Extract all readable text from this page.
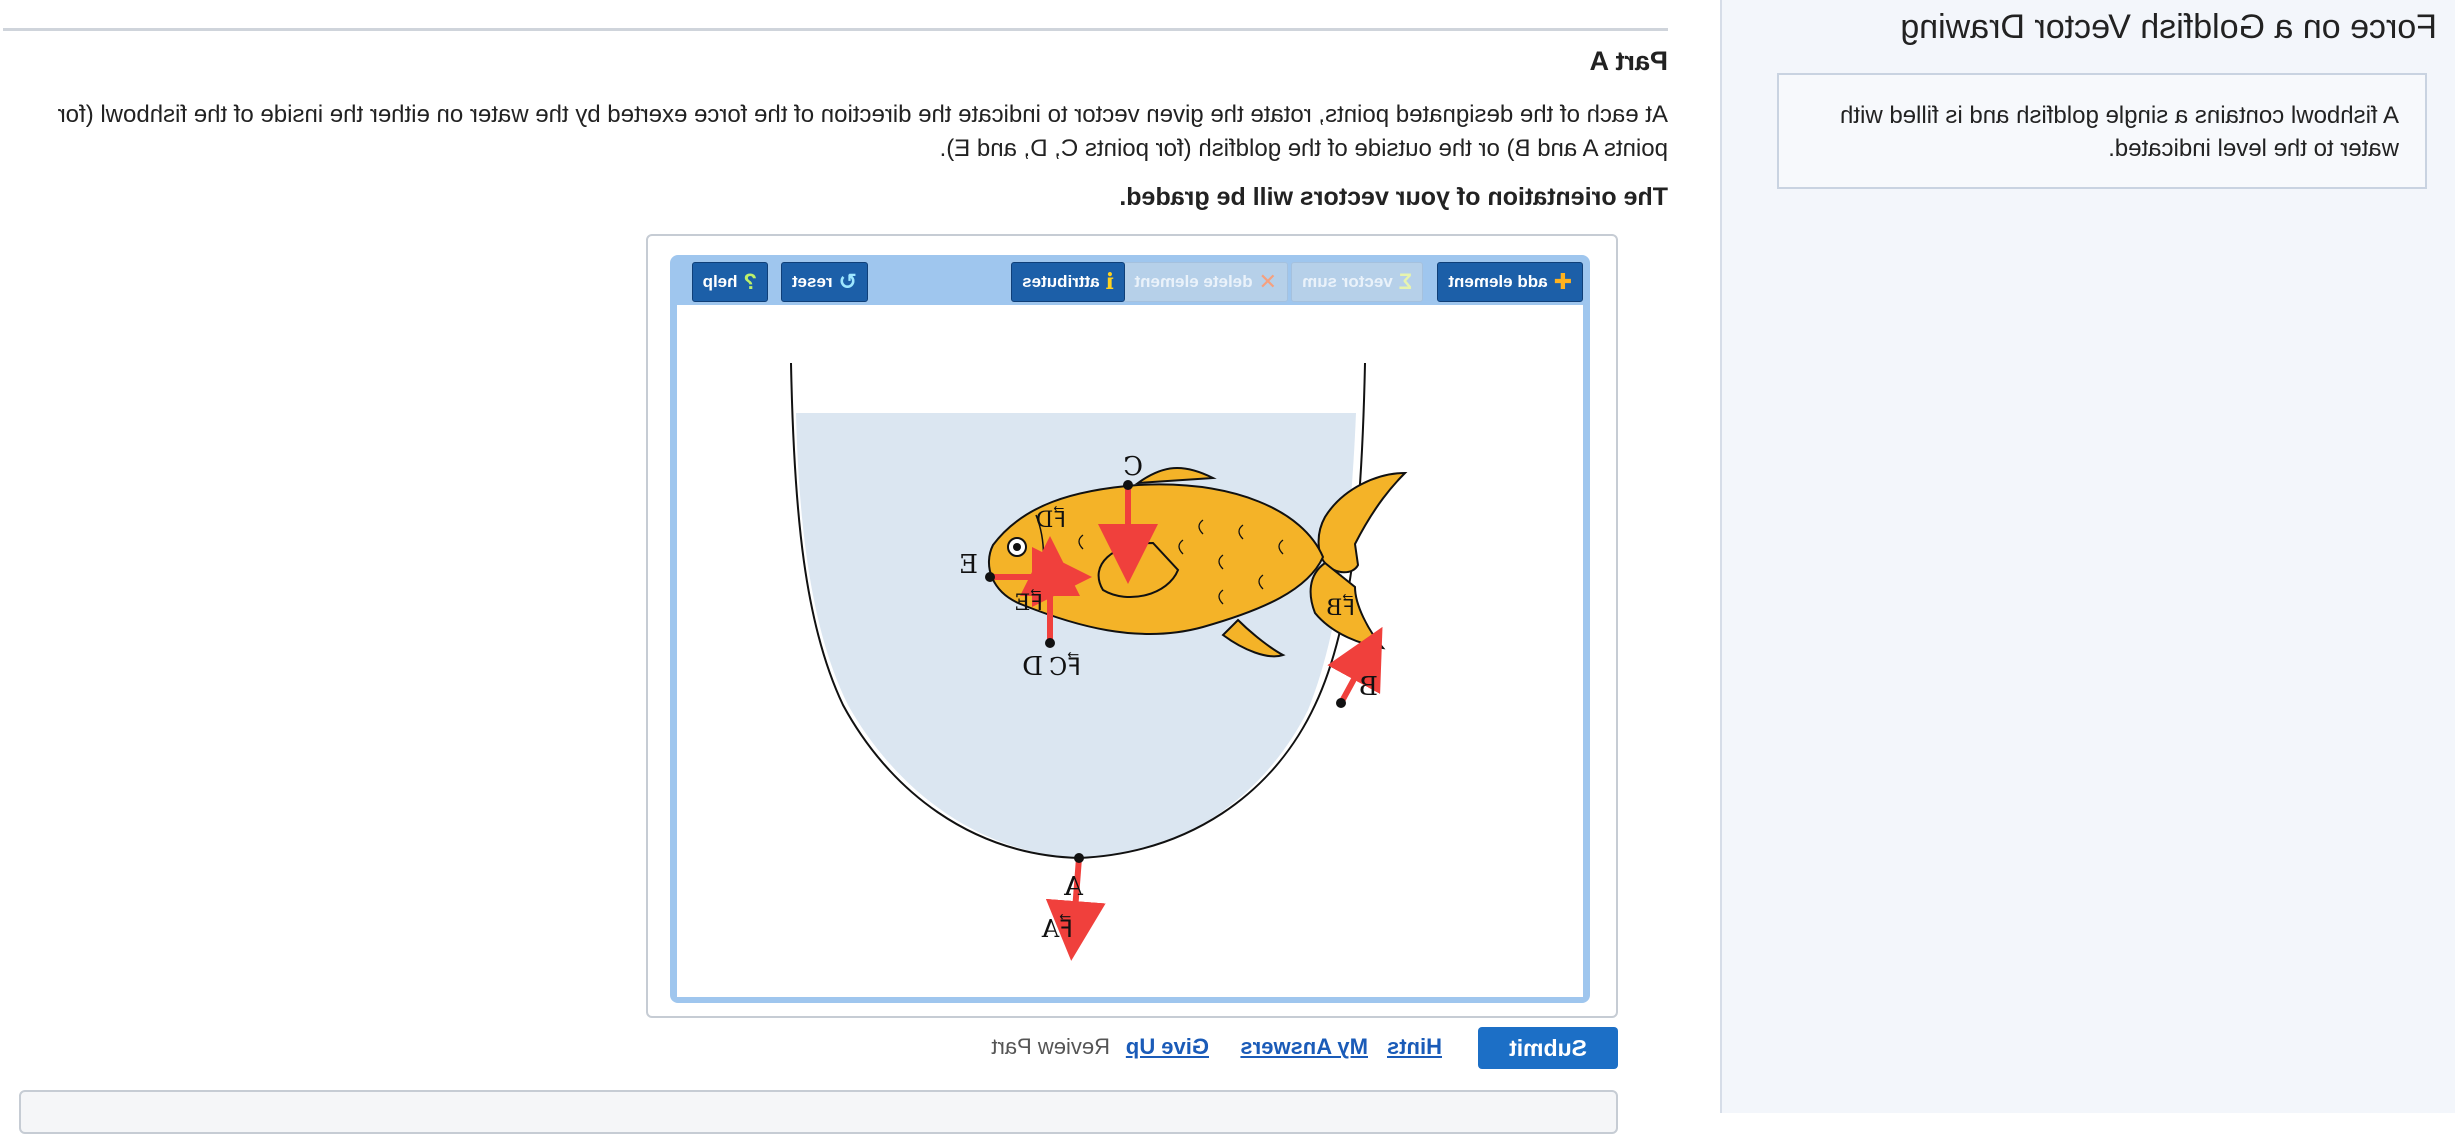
Force on a Goldfish Vector Drawing
A fishbowl contains a single goldfish and is filled with water to the level indicated.
Part A
At each of the designated points, rotate the given vector to indicate the direction of the force exerted by the water on either the inside of the fishbowl (for points A and B) or the outside of the goldfish (for points C, D, and E).
The orientation of your vectors will be graded.
✚
add element
Σ
vector sum
✕
delete element
i
attributes
↻
reset
?
help
A
B
C
D
E
F⃗A
F⃗B
F⃗C
F⃗D
F⃗E
Submit
Hints
My Answers
Give Up
Review Part
